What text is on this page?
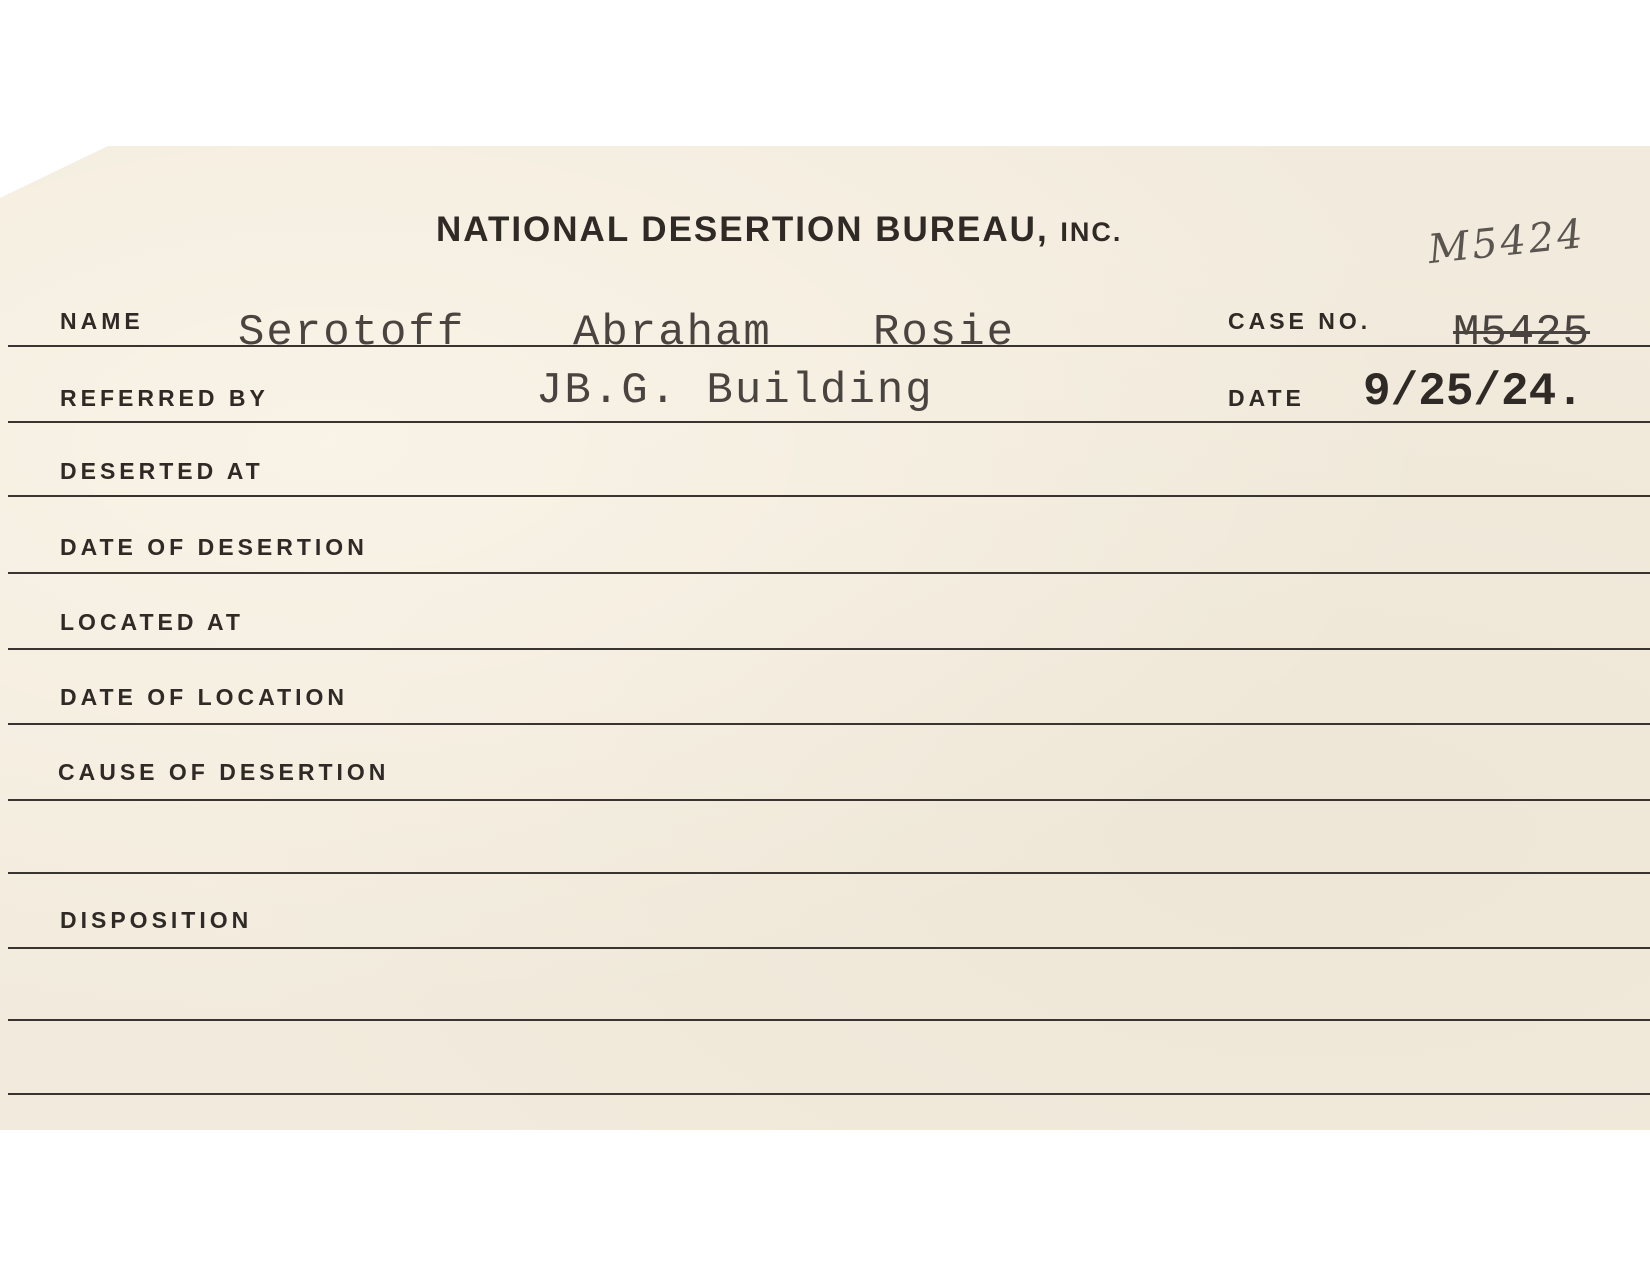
NATIONAL DESERTION BUREAU, INC.	M5424
NAME Serotoff Abraham Rosie	CASE NO. M5425
REFERRED BY	JB.G. Building	DATE 9/25/24.
DESERTED AT
DATE OF DESERTION
LOCATED AT
DATE OF LOCATION
CAUSE OF DESERTION
DISPOSITION
